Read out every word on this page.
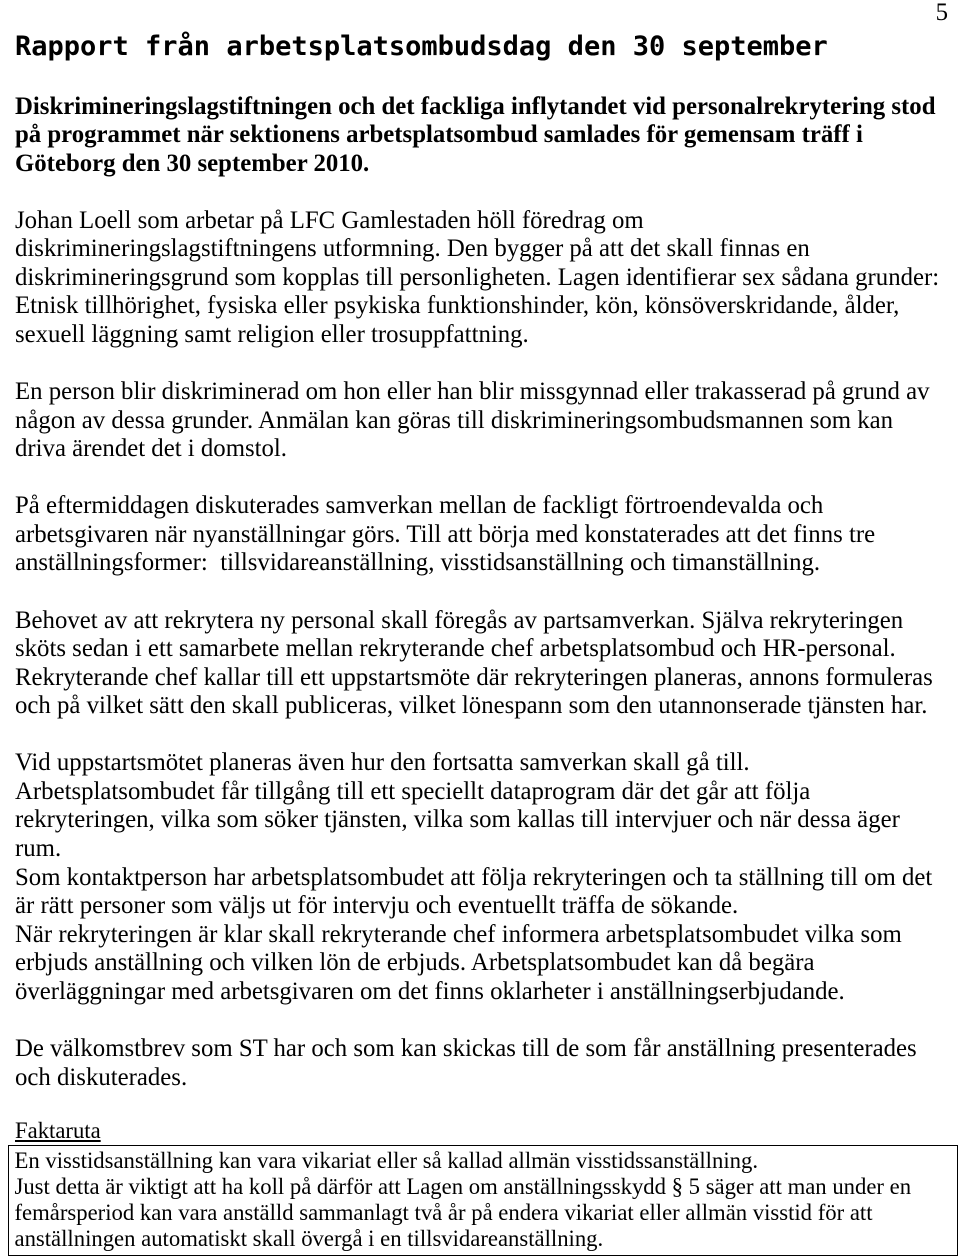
5
Rapport från arbetsplatsombudsdag den 30 september
Diskrimineringslagstiftningen och det fackliga inflytandet vid personalrekrytering stod
på programmet när sektionens arbetsplatsombud samlades för gemensam träff i
Göteborg den 30 september 2010.
Johan Loell som arbetar på LFC Gamlestaden höll föredrag om
diskrimineringslagstiftningens utformning. Den bygger på att det skall finnas en
diskrimineringsgrund som kopplas till personligheten. Lagen identifierar sex sådana grunder:
Etnisk tillhörighet, fysiska eller psykiska funktionshinder, kön, könsöverskridande, ålder,
sexuell läggning samt religion eller trosuppfattning.
En person blir diskriminerad om hon eller han blir missgynnad eller trakasserad på grund av
någon av dessa grunder. Anmälan kan göras till diskrimineringsombudsmannen som kan
driva ärendet det i domstol.
På eftermiddagen diskuterades samverkan mellan de fackligt förtroendevalda och
arbetsgivaren när nyanställningar görs. Till att börja med konstaterades att det finns tre
anställningsformer:  tillsvidareanställning, visstidsanställning och timanställning.
Behovet av att rekrytera ny personal skall föregås av partsamverkan. Själva rekryteringen
sköts sedan i ett samarbete mellan rekryterande chef arbetsplatsombud och HR-personal.
Rekryterande chef kallar till ett uppstartsmöte där rekryteringen planeras, annons formuleras
och på vilket sätt den skall publiceras, vilket lönespann som den utannonserade tjänsten har.
Vid uppstartsmötet planeras även hur den fortsatta samverkan skall gå till.
Arbetsplatsombudet får tillgång till ett speciellt dataprogram där det går att följa
rekryteringen, vilka som söker tjänsten, vilka som kallas till intervjuer och när dessa äger
rum.
Som kontaktperson har arbetsplatsombudet att följa rekryteringen och ta ställning till om det
är rätt personer som väljs ut för intervju och eventuellt träffa de sökande.
När rekryteringen är klar skall rekryterande chef informera arbetsplatsombudet vilka som
erbjuds anställning och vilken lön de erbjuds. Arbetsplatsombudet kan då begära
överläggningar med arbetsgivaren om det finns oklarheter i anställningserbjudande.
De välkomstbrev som ST har och som kan skickas till de som får anställning presenterades
och diskuterades.
Faktaruta
En visstidsanställning kan vara vikariat eller så kallad allmän visstidssanställning.
Just detta är viktigt att ha koll på därför att Lagen om anställningsskydd § 5 säger att man under en
femårsperiod kan vara anställd sammanlagt två år på endera vikariat eller allmän visstid för att
anställningen automatiskt skall övergå i en tillsvidareanställning.
